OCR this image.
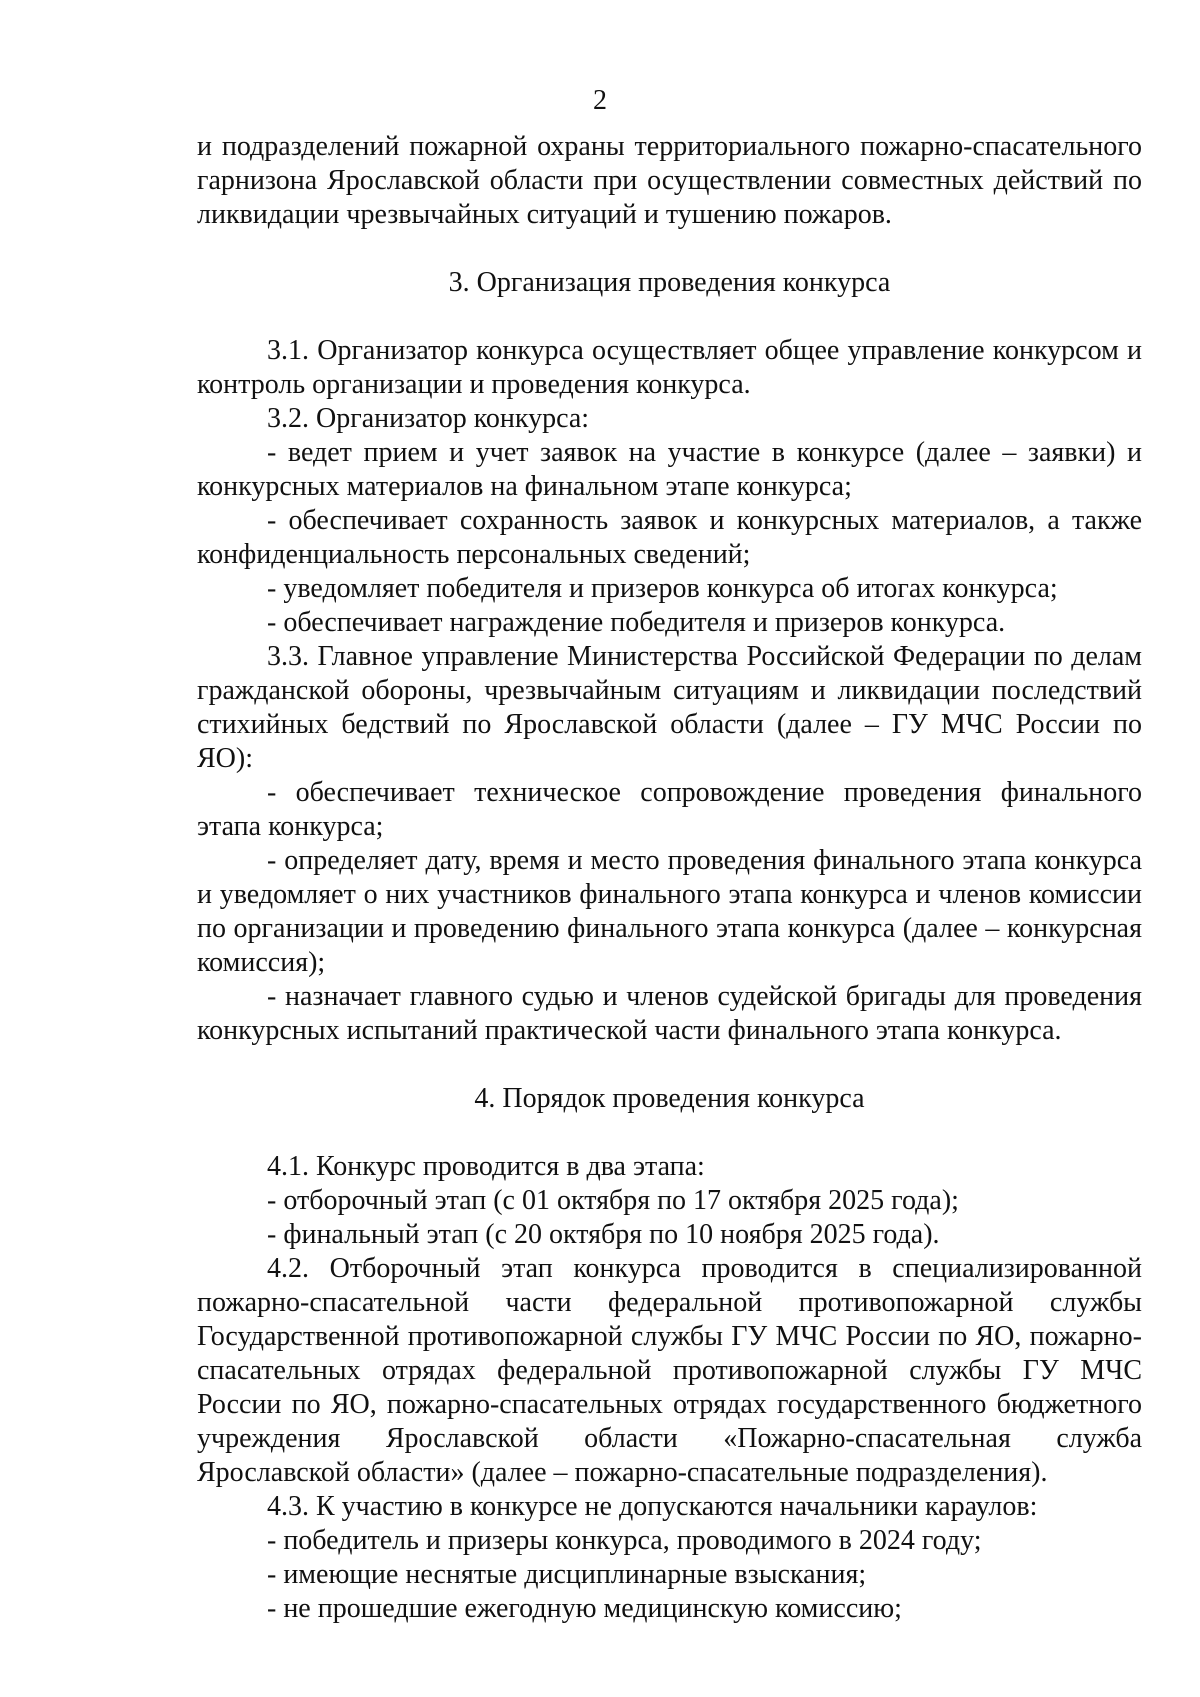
2

и подразделений пожарной охраны территориального пожарно-спасательного гарнизона Ярославской области при осуществлении совместных действий по ликвидации чрезвычайных ситуаций и тушению пожаров.

3. Организация проведения конкурса

3.1. Организатор конкурса осуществляет общее управление конкурсом и контроль организации и проведения конкурса.

3.2. Организатор конкурса:

- ведет прием и учет заявок на участие в конкурсе (далее – заявки) и конкурсных материалов на финальном этапе конкурса;

- обеспечивает сохранность заявок и конкурсных материалов, а также конфиденциальность персональных сведений;

- уведомляет победителя и призеров конкурса об итогах конкурса;

- обеспечивает награждение победителя и призеров конкурса.

3.3. Главное управление Министерства Российской Федерации по делам гражданской обороны, чрезвычайным ситуациям и ликвидации последствий стихийных бедствий по Ярославской области (далее – ГУ МЧС России по ЯО):

- обеспечивает техническое сопровождение проведения финального этапа конкурса;

- определяет дату, время и место проведения финального этапа конкурса и уведомляет о них участников финального этапа конкурса и членов комиссии по организации и проведению финального этапа конкурса (далее – конкурсная комиссия);

- назначает главного судью и членов судейской бригады для проведения конкурсных испытаний практической части финального этапа конкурса.

4. Порядок проведения конкурса

4.1. Конкурс проводится в два этапа:

- отборочный этап (с 01 октября по 17 октября 2025 года);

- финальный этап (с 20 октября по 10 ноября 2025 года).

4.2. Отборочный этап конкурса проводится в специализированной пожарно-спасательной части федеральной противопожарной службы Государственной противопожарной службы ГУ МЧС России по ЯО, пожарно-спасательных отрядах федеральной противопожарной службы ГУ МЧС России по ЯО, пожарно-спасательных отрядах государственного бюджетного учреждения Ярославской области «Пожарно-спасательная служба Ярославской области» (далее – пожарно-спасательные подразделения).

4.3. К участию в конкурсе не допускаются начальники караулов:

- победитель и призеры конкурса, проводимого в 2024 году;

- имеющие неснятые дисциплинарные взыскания;

- не прошедшие ежегодную медицинскую комиссию;
